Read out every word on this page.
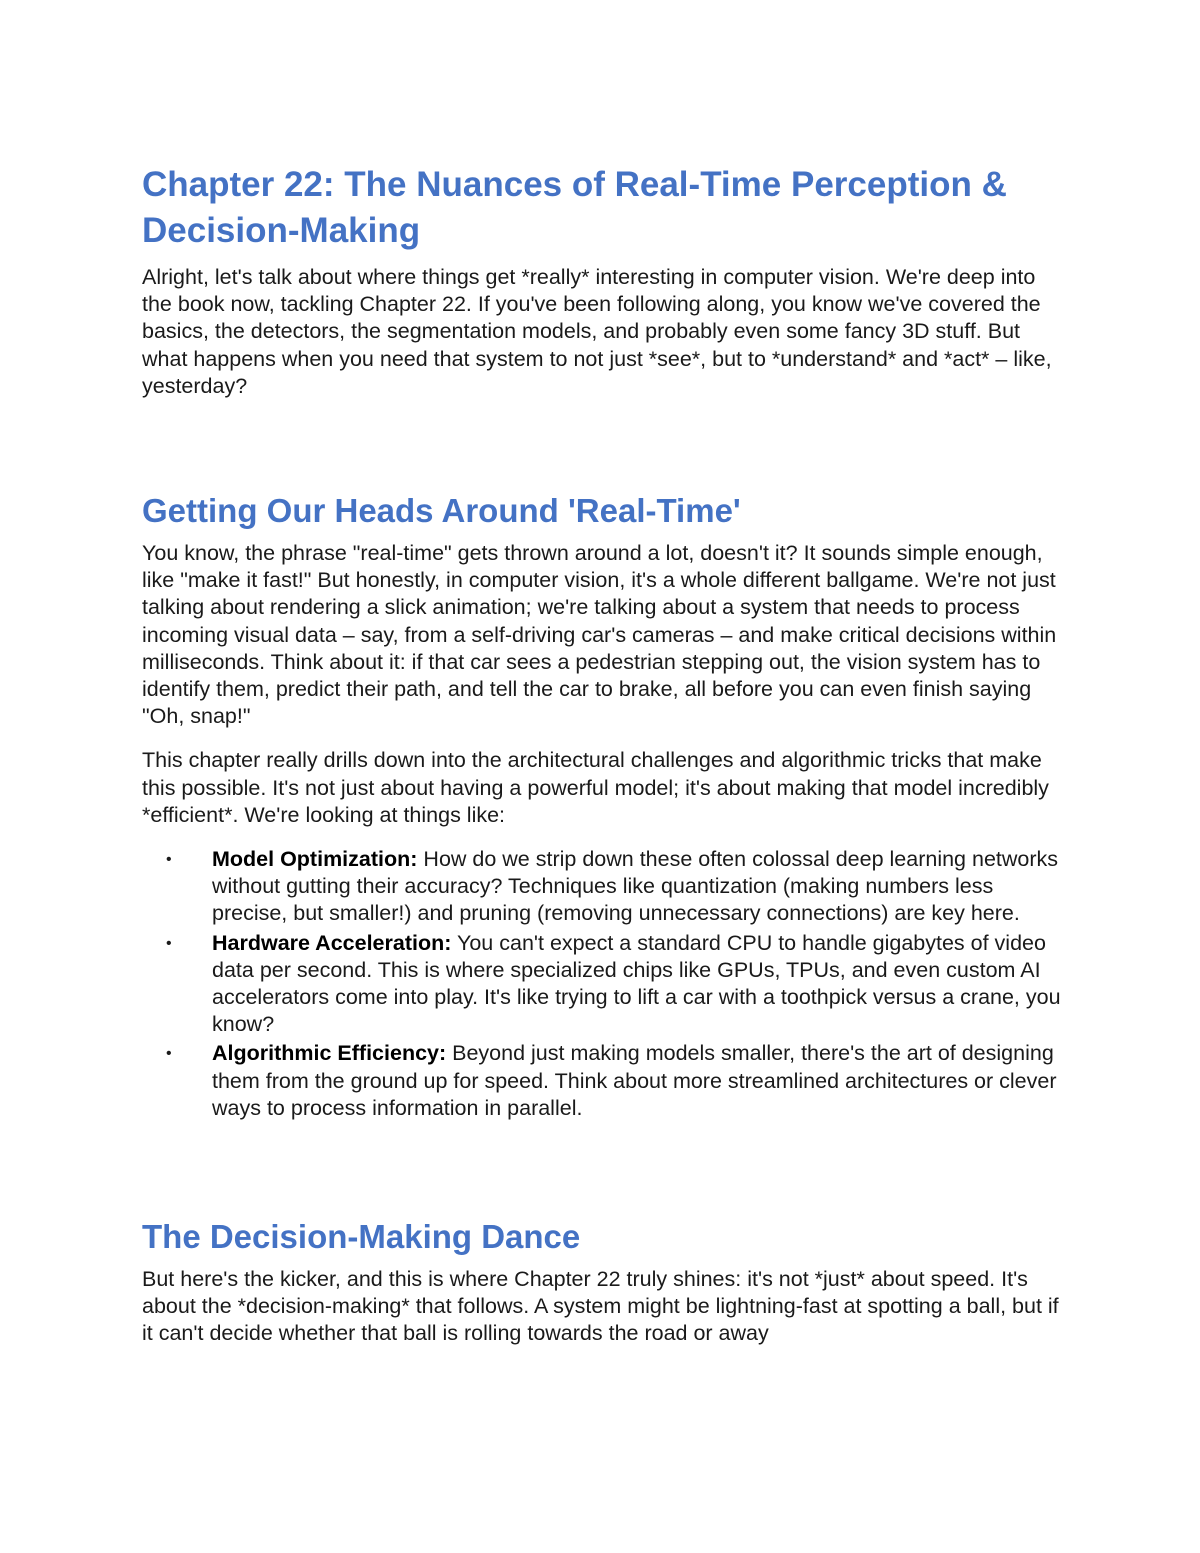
Chapter 22: The Nuances of Real-Time Perception & Decision-Making

Alright, let's talk about where things get *really* interesting in computer vision. We're deep into the book now, tackling Chapter 22. If you've been following along, you know we've covered the basics, the detectors, the segmentation models, and probably even some fancy 3D stuff. But what happens when you need that system to not just *see*, but to *understand* and *act* – like, yesterday?

Getting Our Heads Around 'Real-Time'

You know, the phrase "real-time" gets thrown around a lot, doesn't it? It sounds simple enough, like "make it fast!" But honestly, in computer vision, it's a whole different ballgame. We're not just talking about rendering a slick animation; we're talking about a system that needs to process incoming visual data – say, from a self-driving car's cameras – and make critical decisions within milliseconds. Think about it: if that car sees a pedestrian stepping out, the vision system has to identify them, predict their path, and tell the car to brake, all before you can even finish saying "Oh, snap!"

This chapter really drills down into the architectural challenges and algorithmic tricks that make this possible. It's not just about having a powerful model; it's about making that model incredibly *efficient*. We're looking at things like:

• Model Optimization: How do we strip down these often colossal deep learning networks without gutting their accuracy? Techniques like quantization (making numbers less precise, but smaller!) and pruning (removing unnecessary connections) are key here.
• Hardware Acceleration: You can't expect a standard CPU to handle gigabytes of video data per second. This is where specialized chips like GPUs, TPUs, and even custom AI accelerators come into play. It's like trying to lift a car with a toothpick versus a crane, you know?
• Algorithmic Efficiency: Beyond just making models smaller, there's the art of designing them from the ground up for speed. Think about more streamlined architectures or clever ways to process information in parallel.
The Decision-Making Dance

But here's the kicker, and this is where Chapter 22 truly shines: it's not *just* about speed. It's about the *decision-making* that follows. A system might be lightning-fast at spotting a ball, but if it can't decide whether that ball is rolling towards the road or away
